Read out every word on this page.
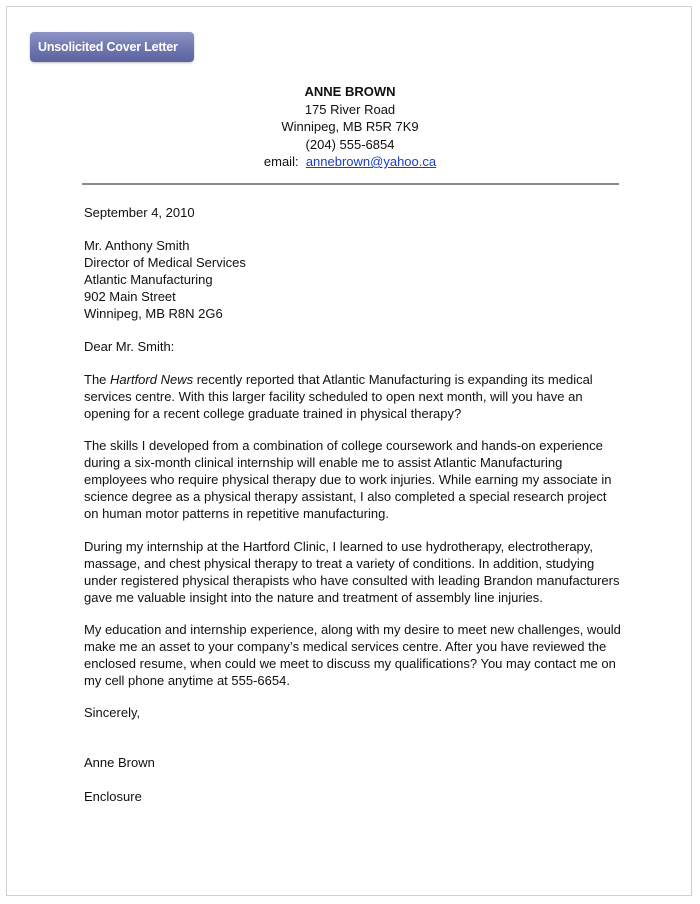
Unsolicited Cover Letter
ANNE BROWN
175 River Road
Winnipeg, MB R5R 7K9
(204) 555-6854
email: annebrown@yahoo.ca
September 4, 2010
Mr. Anthony Smith
Director of Medical Services
Atlantic Manufacturing
902 Main Street
Winnipeg, MB R8N 2G6
Dear Mr. Smith:

The Hartford News recently reported that Atlantic Manufacturing is expanding its medical services centre. With this larger facility scheduled to open next month, will you have an opening for a recent college graduate trained in physical therapy?

The skills I developed from a combination of college coursework and hands-on experience during a six-month clinical internship will enable me to assist Atlantic Manufacturing employees who require physical therapy due to work injuries. While earning my associate in science degree as a physical therapy assistant, I also completed a special research project on human motor patterns in repetitive manufacturing.

During my internship at the Hartford Clinic, I learned to use hydrotherapy, electrotherapy, massage, and chest physical therapy to treat a variety of conditions. In addition, studying under registered physical therapists who have consulted with leading Brandon manufacturers gave me valuable insight into the nature and treatment of assembly line injuries.

My education and internship experience, along with my desire to meet new challenges, would make me an asset to your company’s medical services centre. After you have reviewed the enclosed resume, when could we meet to discuss my qualifications? You may contact me on my cell phone anytime at 555-6654.

Sincerely,
Anne Brown
Enclosure
